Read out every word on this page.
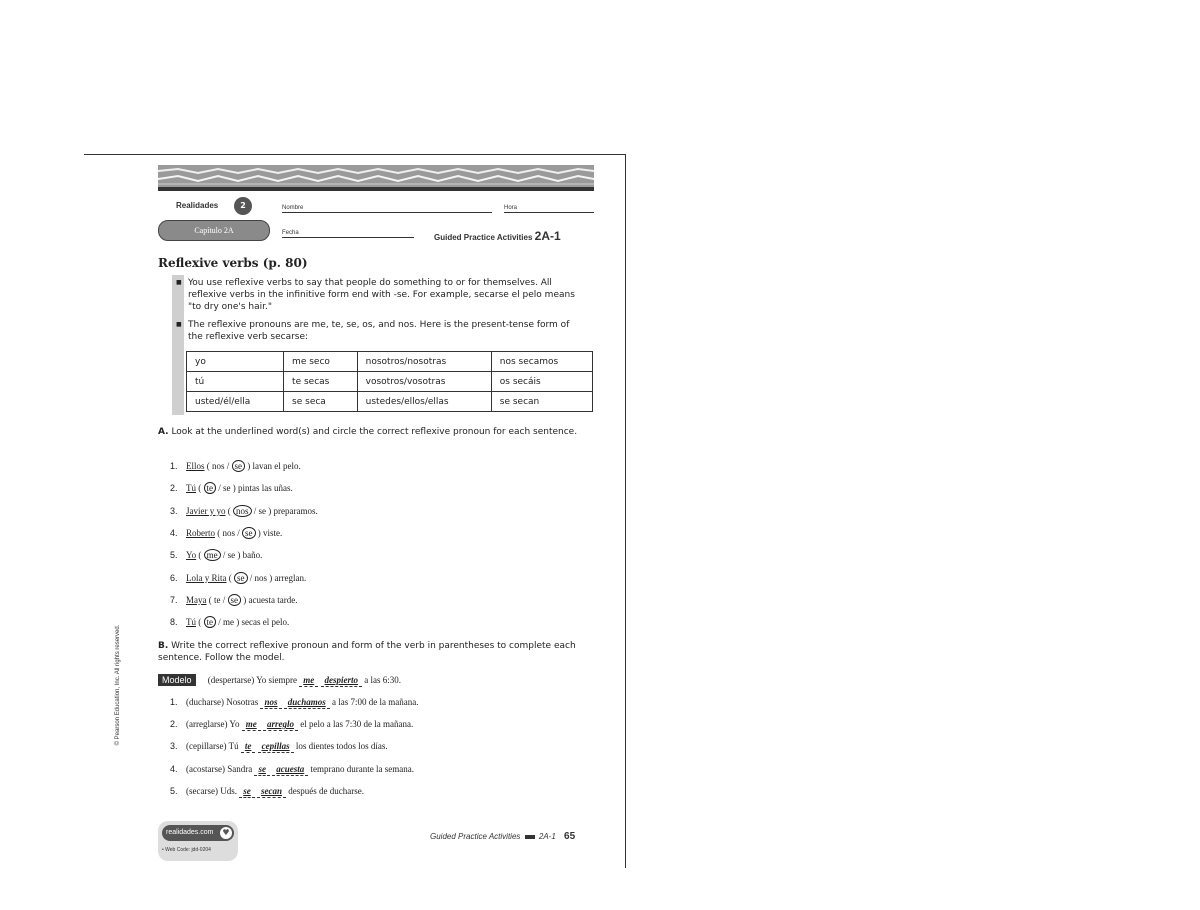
© Pearson Education, Inc. All rights reserved.
Realidades	2
Capítulo 2A
Nombre	Hora
Fecha	Guided Practice Activities 2A-1
Reflexive verbs (p. 80)
■ You use reflexive verbs to say that people do something to or for themselves. All reflexive verbs in the infinitive form end with -se. For example, secarse el pelo means "to dry one's hair."
■ The reflexive pronouns are me, te, se, os, and nos. Here is the present-tense form of the reflexive verb secarse:
yo	me seco	nosotros/nosotras	nos secamos
tú	te secas	vosotros/vosotras	os secáis
usted/él/ella	se seca	ustedes/ellos/ellas	se secan
A. Look at the underlined word(s) and circle the correct reflexive pronoun for each sentence.
1. Ellos ( nos / se ) lavan el pelo.
2. Tú ( te / se ) pintas las uñas.
3. Javier y yo ( nos / se ) preparamos.
4. Roberto ( nos / se ) viste.
5. Yo ( me / se ) baño.
6. Lola y Rita ( se / nos ) arreglan.
7. Maya ( te / se ) acuesta tarde.
8. Tú ( te / me ) secas el pelo.
B. Write the correct reflexive pronoun and form of the verb in parentheses to complete each sentence. Follow the model.
Modelo (despertarse) Yo siempre me despierto a las 6:30.
1. (ducharse) Nosotras nos duchamos a las 7:00 de la mañana.
2. (arreglarse) Yo me arreglo el pelo a las 7:30 de la mañana.
3. (cepillarse) Tú te cepillas los dientes todos los días.
4. (acostarse) Sandra se acuesta temprano durante la semana.
5. (secarse) Uds. se secan después de ducharse.
realidades.com	♥
• Web Code: jdd-0204
Guided Practice Activities 2A-1 65
